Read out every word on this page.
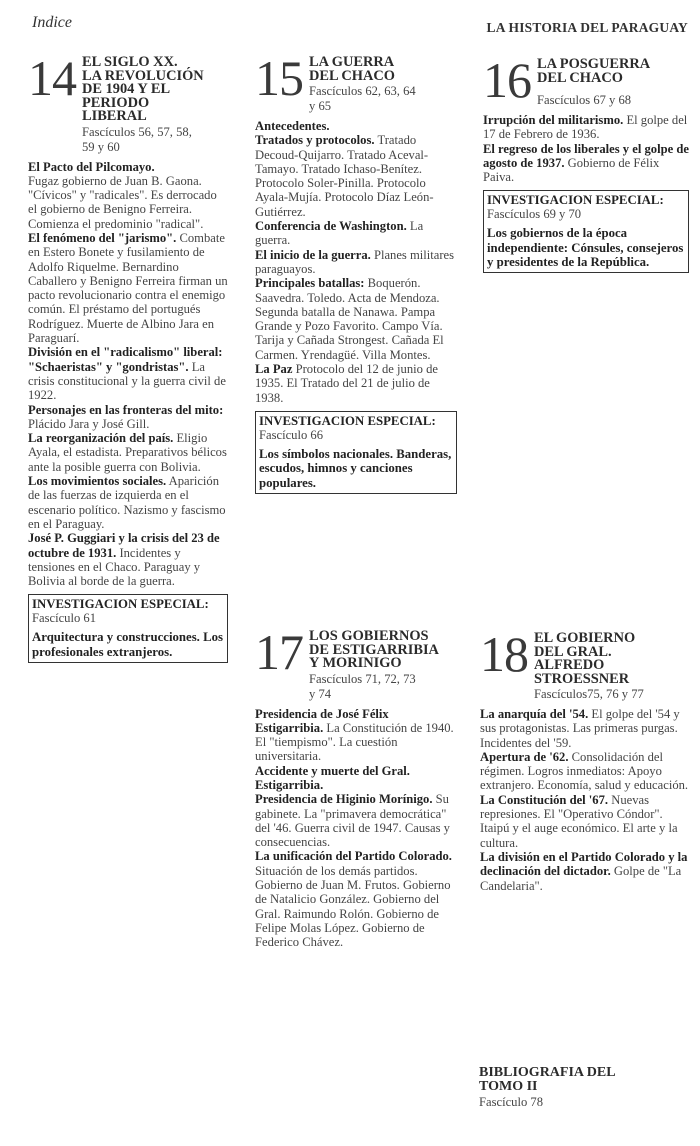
Indice	LA HISTORIA DEL PARAGUAY
14 EL SIGLO XX.
LA REVOLUCIÓN
DE 1904 Y EL
PERIODO
LIBERAL
Fascículos 56, 57, 58,
59 y 60

El Pacto del Pilcomayo.

Fugaz gobierno de Juan B. Gaona. "Cívicos" y "radicales". Es derrocado el gobierno de Benigno Ferreira. Comienza el predominio "radical".

El fenómeno del "jarismo". Combate en Estero Bonete y fusilamiento de Adolfo Riquelme. Bernardino Caballero y Benigno Ferreira firman un pacto revolucionario contra el enemigo común. El préstamo del portugués Rodríguez. Muerte de Albino Jara en Paraguarí.

División en el "radicalismo" liberal: "Schaeristas" y "gondristas". La crisis constitucional y la guerra civil de 1922.

Personajes en las fronteras del mito: Plácido Jara y José Gill.

La reorganización del país. Eligio Ayala, el estadista. Preparativos bélicos ante la posible guerra con Bolivia.

Los movimientos sociales. Aparición de las fuerzas de izquierda en el escenario político. Nazismo y fascismo en el Paraguay.

José P. Guggiari y la crisis del 23 de octubre de 1931. Incidentes y tensiones en el Chaco. Paraguay y Bolivia al borde de la guerra.

INVESTIGACION ESPECIAL:
Fascículo 61
Arquitectura y construcciones. Los profesionales extranjeros.
15 LA GUERRA
DEL CHACO
Fascículos 62, 63, 64
y 65

Antecedentes.

Tratados y protocolos. Tratado Decoud-Quijarro. Tratado Aceval-Tamayo. Tratado Ichaso-Benítez. Protocolo Soler-Pinilla. Protocolo Ayala-Mujía. Protocolo Díaz León-Gutiérrez.

Conferencia de Washington. La guerra.

El inicio de la guerra. Planes militares paraguayos.

Principales batallas: Boquerón. Saavedra. Toledo. Acta de Mendoza. Segunda batalla de Nanawa. Pampa Grande y Pozo Favorito. Campo Vía. Tarija y Cañada Strongest. Cañada El Carmen. Yrendagüé. Villa Montes.

La Paz Protocolo del 12 de junio de 1935. El Tratado del 21 de julio de 1938.

INVESTIGACION ESPECIAL:
Fascículo 66
Los símbolos nacionales. Banderas, escudos, himnos y canciones populares.
16 LA POSGUERRA
DEL CHACO
Fascículos 67 y 68

Irrupción del militarismo. El golpe del 17 de Febrero de 1936.

El regreso de los liberales y el golpe de agosto de 1937. Gobierno de Félix Paiva.

INVESTIGACION ESPECIAL:
Fascículos 69 y 70
Los gobiernos de la época independiente: Cónsules, consejeros y presidentes de la República.
17 LOS GOBIERNOS
DE ESTIGARRIBIA
Y MORINIGO
Fascículos 71, 72, 73
y 74

Presidencia de José Félix Estigarribia. La Constitución de 1940. El "tiempismo". La cuestión universitaria.

Accidente y muerte del Gral. Estigarribia.

Presidencia de Higinio Morínigo. Su gabinete. La "primavera democrática" del '46. Guerra civil de 1947. Causas y consecuencias.

La unificación del Partido Colorado. Situación de los demás partidos. Gobierno de Juan M. Frutos. Gobierno de Natalicio González. Gobierno del Gral. Raimundo Rolón. Gobierno de Felipe Molas López. Gobierno de Federico Chávez.

18 EL GOBIERNO
DEL GRAL.
ALFREDO
STROESSNER
Fascículos75, 76 y 77

La anarquía del '54. El golpe del '54 y sus protagonistas. Las primeras purgas. Incidentes del '59.

Apertura de '62. Consolidación del régimen. Logros inmediatos: Apoyo extranjero. Economía, salud y educación.

La Constitución del '67. Nuevas represiones. El "Operativo Cóndor". Itaipú y el auge económico. El arte y la cultura.

La división en el Partido Colorado y la declinación del dictador. Golpe de "La Candelaria".

BIBLIOGRAFIA DEL
TOMO II
Fascículo 78
